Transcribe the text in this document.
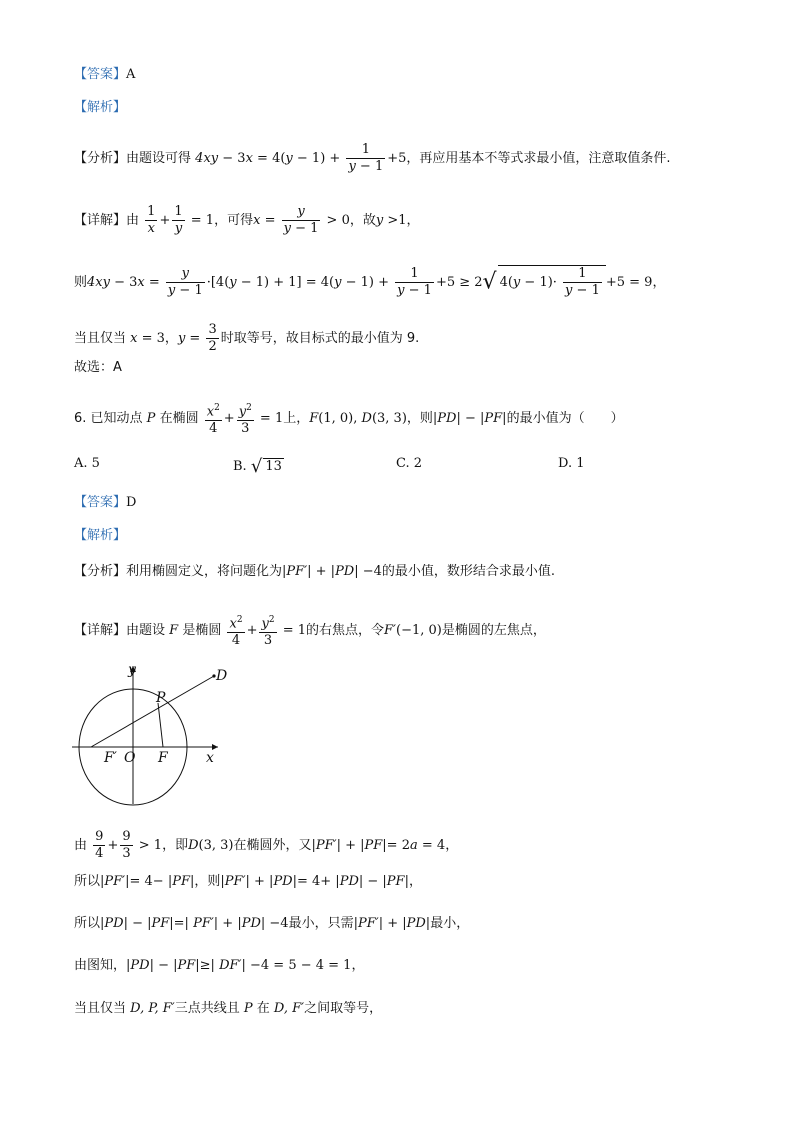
【答案】A
【解析】
【分析】由题设可得 $4xy - 3x = 4(y - 1) + \frac{1}{y - 1} +5$，再应用基本不等式求最小值，注意取值条件.
【详解】由 $\frac{1}{x} + \frac{1}{y} = 1$，可得$x = \frac{y}{y - 1} > 0$，故y >1，
则$4xy - 3x = \frac{y}{y - 1} \cdot[4(y - 1) + 1] = 4(y - 1) + \frac{1}{y - 1} +5 \ge 2√$ $4(y - 1)\cdot \frac{1}{y - 1} +5 = 9$，
当且仅当 x = 3，$y = \frac{3}{2}$ 时取等号，故目标式的最小值为 9.
故选：A
6. 已知动点 P 在椭圆 $\frac{x^2}{4} + \frac{y^2}{3} = 1$上，F(1, 0), D(3, 3)，则|PD| − |PF|的最小值为（　　）
A. 5	B. √ 13	C. 2	D. 1
【答案】D
【解析】
【分析】利用椭圆定义，将问题化为|PF′| + |PD| −4的最小值，数形结合求最小值.
【详解】由题设 F 是椭圆 $\frac{x^2}{4} + \frac{y^2}{3} = 1$的右焦点，令F′(−1, 0)是椭圆的左焦点，
y
x
D
P
F′ O F
由 $\frac{9}{4} + \frac{9}{3} > 1$，即D(3, 3)在椭圆外，又|PF′| + |PF|= 2a = 4，
所以|PF′|= 4− |PF|，则|PF′| + |PD|= 4+ |PD| − |PF|，
所以|PD| − |PF|=| PF′| + |PD| −4最小，只需|PF′| + |PD|最小，
由图知，|PD| − |PF|≥| DF′| −4 = 5 − 4 = 1，
当且仅当 D, P, F′三点共线且 P 在 D, F′之间取等号，
